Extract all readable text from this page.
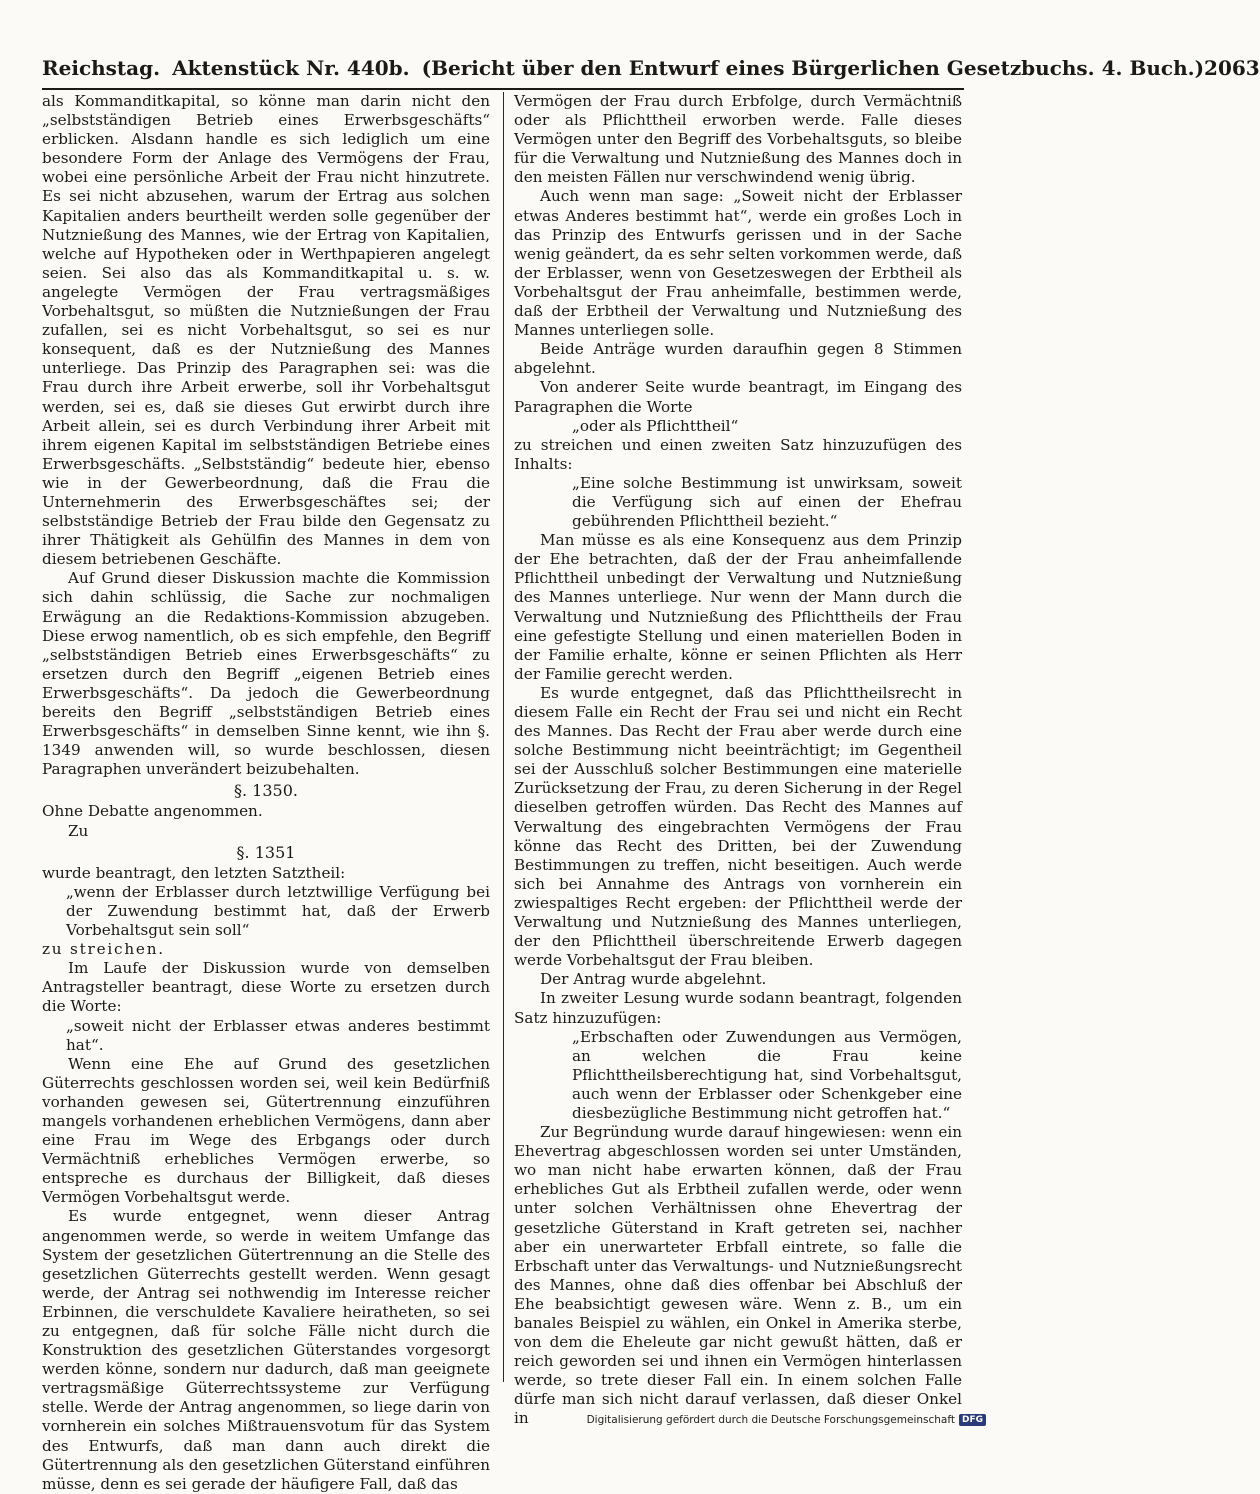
Reichstag. Aktenstück Nr. 440b. (Bericht über den Entwurf eines Bürgerlichen Gesetzbuchs. 4. Buch.) 2063

als Kommanditkapital, so könne man darin nicht den „selbstständigen Betrieb eines Erwerbsgeschäfts“ erblicken. Alsdann handle es sich lediglich um eine besondere Form der Anlage des Vermögens der Frau, wobei eine persönliche Arbeit der Frau nicht hinzutrete. Es sei nicht abzusehen, warum der Ertrag aus solchen Kapitalien anders beurtheilt werden solle gegenüber der Nutznießung des Mannes, wie der Ertrag von Kapitalien, welche auf Hypotheken oder in Werthpapieren angelegt seien. Sei also das als Kommanditkapital u. s. w. angelegte Vermögen der Frau vertragsmäßiges Vorbehaltsgut, so müßten die Nutznießungen der Frau zufallen, sei es nicht Vorbehaltsgut, so sei es nur konsequent, daß es der Nutznießung des Mannes unterliege. Das Prinzip des Paragraphen sei: was die Frau durch ihre Arbeit erwerbe, soll ihr Vorbehaltsgut werden, sei es, daß sie dieses Gut erwirbt durch ihre Arbeit allein, sei es durch Verbindung ihrer Arbeit mit ihrem eigenen Kapital im selbstständigen Betriebe eines Erwerbsgeschäfts. „Selbstständig“ bedeute hier, ebenso wie in der Gewerbeordnung, daß die Frau die Unternehmerin des Erwerbsgeschäftes sei; der selbstständige Betrieb der Frau bilde den Gegensatz zu ihrer Thätigkeit als Gehülfin des Mannes in dem von diesem betriebenen Geschäfte.

Auf Grund dieser Diskussion machte die Kommission sich dahin schlüssig, die Sache zur nochmaligen Erwägung an die Redaktions-Kommission abzugeben. Diese erwog namentlich, ob es sich empfehle, den Begriff „selbstständigen Betrieb eines Erwerbsgeschäfts“ zu ersetzen durch den Begriff „eigenen Betrieb eines Erwerbsgeschäfts“. Da jedoch die Gewerbeordnung bereits den Begriff „selbstständigen Betrieb eines Erwerbsgeschäfts“ in demselben Sinne kennt, wie ihn §. 1349 anwenden will, so wurde beschlossen, diesen Paragraphen unverändert beizubehalten.

§. 1350.

Ohne Debatte angenommen.

Zu

§. 1351

wurde beantragt, den letzten Satztheil:

„wenn der Erblasser durch letztwillige Verfügung bei der Zuwendung bestimmt hat, daß der Erwerb Vorbehaltsgut sein soll“

zu streichen.

Im Laufe der Diskussion wurde von demselben Antragsteller beantragt, diese Worte zu ersetzen durch die Worte:

„soweit nicht der Erblasser etwas anderes bestimmt hat“.

Wenn eine Ehe auf Grund des gesetzlichen Güterrechts geschlossen worden sei, weil kein Bedürfniß vorhanden gewesen sei, Gütertrennung einzuführen mangels vorhandenen erheblichen Vermögens, dann aber eine Frau im Wege des Erbgangs oder durch Vermächtniß erhebliches Vermögen erwerbe, so entspreche es durchaus der Billigkeit, daß dieses Vermögen Vorbehaltsgut werde.

Es wurde entgegnet, wenn dieser Antrag angenommen werde, so werde in weitem Umfange das System der gesetzlichen Gütertrennung an die Stelle des gesetzlichen Güterrechts gestellt werden. Wenn gesagt werde, der Antrag sei nothwendig im Interesse reicher Erbinnen, die verschuldete Kavaliere heiratheten, so sei zu entgegnen, daß für solche Fälle nicht durch die Konstruktion des gesetzlichen Güterstandes vorgesorgt werden könne, sondern nur dadurch, daß man geeignete vertragsmäßige Güterrechtssysteme zur Verfügung stelle. Werde der Antrag angenommen, so liege darin von vornherein ein solches Mißtrauensvotum für das System des Entwurfs, daß man dann auch direkt die Gütertrennung als den gesetzlichen Güterstand einführen müsse, denn es sei gerade der häufigere Fall, daß das

Vermögen der Frau durch Erbfolge, durch Vermächtniß oder als Pflichttheil erworben werde. Falle dieses Vermögen unter den Begriff des Vorbehaltsguts, so bleibe für die Verwaltung und Nutznießung des Mannes doch in den meisten Fällen nur verschwindend wenig übrig.

Auch wenn man sage: „Soweit nicht der Erblasser etwas Anderes bestimmt hat“, werde ein großes Loch in das Prinzip des Entwurfs gerissen und in der Sache wenig geändert, da es sehr selten vorkommen werde, daß der Erblasser, wenn von Gesetzeswegen der Erbtheil als Vorbehaltsgut der Frau anheimfalle, bestimmen werde, daß der Erbtheil der Verwaltung und Nutznießung des Mannes unterliegen solle.

Beide Anträge wurden daraufhin gegen 8 Stimmen abgelehnt.

Von anderer Seite wurde beantragt, im Eingang des Paragraphen die Worte

„oder als Pflichttheil“

zu streichen und einen zweiten Satz hinzuzufügen des Inhalts:

„Eine solche Bestimmung ist unwirksam, soweit die Verfügung sich auf einen der Ehefrau gebührenden Pflichttheil bezieht.“

Man müsse es als eine Konsequenz aus dem Prinzip der Ehe betrachten, daß der der Frau anheimfallende Pflichttheil unbedingt der Verwaltung und Nutznießung des Mannes unterliege. Nur wenn der Mann durch die Verwaltung und Nutznießung des Pflichttheils der Frau eine gefestigte Stellung und einen materiellen Boden in der Familie erhalte, könne er seinen Pflichten als Herr der Familie gerecht werden.

Es wurde entgegnet, daß das Pflichttheilsrecht in diesem Falle ein Recht der Frau sei und nicht ein Recht des Mannes. Das Recht der Frau aber werde durch eine solche Bestimmung nicht beeinträchtigt; im Gegentheil sei der Ausschluß solcher Bestimmungen eine materielle Zurücksetzung der Frau, zu deren Sicherung in der Regel dieselben getroffen würden. Das Recht des Mannes auf Verwaltung des eingebrachten Vermögens der Frau könne das Recht des Dritten, bei der Zuwendung Bestimmungen zu treffen, nicht beseitigen. Auch werde sich bei Annahme des Antrags von vornherein ein zwiespaltiges Recht ergeben: der Pflichttheil werde der Verwaltung und Nutznießung des Mannes unterliegen, der den Pflichttheil überschreitende Erwerb dagegen werde Vorbehaltsgut der Frau bleiben.

Der Antrag wurde abgelehnt.

In zweiter Lesung wurde sodann beantragt, folgenden Satz hinzuzufügen:

„Erbschaften oder Zuwendungen aus Vermögen, an welchen die Frau keine Pflichttheilsberechtigung hat, sind Vorbehaltsgut, auch wenn der Erblasser oder Schenkgeber eine diesbezügliche Bestimmung nicht getroffen hat.“

Zur Begründung wurde darauf hingewiesen: wenn ein Ehevertrag abgeschlossen worden sei unter Umständen, wo man nicht habe erwarten können, daß der Frau erhebliches Gut als Erbtheil zufallen werde, oder wenn unter solchen Verhältnissen ohne Ehevertrag der gesetzliche Güterstand in Kraft getreten sei, nachher aber ein unerwarteter Erbfall eintrete, so falle die Erbschaft unter das Verwaltungs- und Nutznießungsrecht des Mannes, ohne daß dies offenbar bei Abschluß der Ehe beabsichtigt gewesen wäre. Wenn z. B., um ein banales Beispiel zu wählen, ein Onkel in Amerika sterbe, von dem die Eheleute gar nicht gewußt hätten, daß er reich geworden sei und ihnen ein Vermögen hinterlassen werde, so trete dieser Fall ein. In einem solchen Falle dürfe man sich nicht darauf verlassen, daß dieser Onkel in	Digitalisierung gefördert durch die Deutsche Forschungsgemeinschaft DFG
